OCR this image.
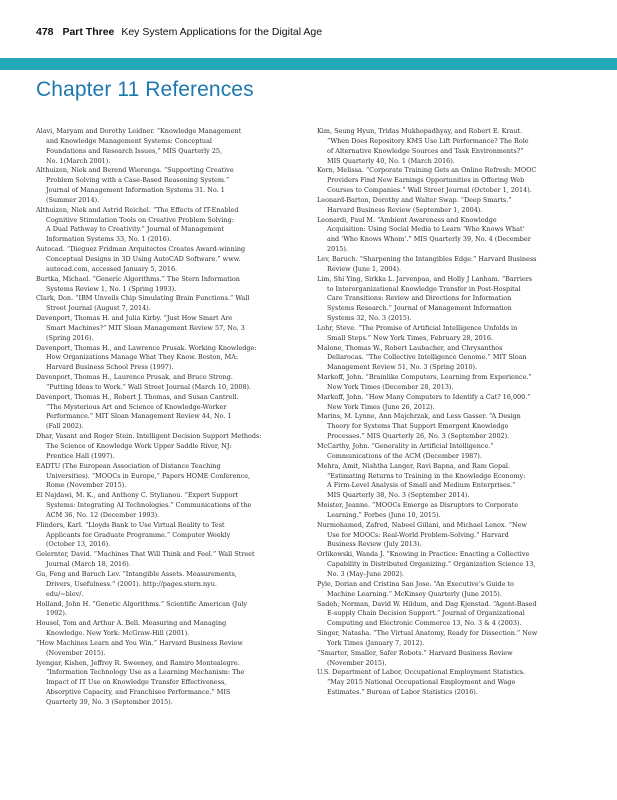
478 Part Three Key System Applications for the Digital Age
Chapter 11 References
Alavi, Maryam and Dorothy Leidner. “Knowledge Management
and Knowledge Management Systems: Conceptual
Foundations and Research Issues,” MIS Quarterly 25,
No. 1(March 2001).
Althuizen, Niek and Berend Wierenga. “Supporting Creative
Problem Solving with a Case-Based Reasoning System.”
Journal of Management Information Systems 31. No. 1
(Summer 2014).
Althuizen, Niek and Astrid Reichel. “The Effects of IT-Enabled
Cognitive Stimulation Tools on Creative Problem Solving:
A Dual Pathway to Creativity.” Journal of Management
Information Systems 33, No. 1 (2016).
Autocad. “Dieguez Fridman Arquitectos Creates Award-winning
Conceptual Designs in 3D Using AutoCAD Software.” www.
autocad.com, accessed January 5, 2016.
Burtka, Michael. “Generic Algorithms.” The Stern Information
Systems Review 1, No. 1 (Spring 1993).
Clark, Don. “IBM Unveils Chip Simulating Brain Functions.” Wall
Street Journal (August 7, 2014).
Davenport, Thomas H. and Julia Kirby. “Just How Smart Are
Smart Machines?” MIT Sloan Management Review 57, No. 3
(Spring 2016).
Davenport, Thomas H., and Lawrence Prusak. Working Knowledge:
How Organizations Manage What They Know. Boston, MA:
Harvard Business School Press (1997).
Davenport, Thomas H., Laurence Prusak, and Bruce Strong.
“Putting Ideas to Work.” Wall Street Journal (March 10, 2008).
Davenport, Thomas H., Robert J. Thomas, and Susan Cantrell.
“The Mysterious Art and Science of Knowledge-Worker
Performance.” MIT Sloan Management Review 44, No. 1
(Fall 2002).
Dhar, Vasant and Roger Stein. Intelligent Decision Support Methods:
The Science of Knowledge Work Upper Saddle River, NJ:
Prentice Hall (1997).
EADTU (The European Association of Distance Teaching
Universities). “MOOCs in Europe,” Papers HOME Conference,
Rome (November 2015).
El Najdawi, M. K., and Anthony C. Stylianou. “Expert Support
Systems: Integrating AI Technologies.” Communications of the
ACM 36, No. 12 (December 1993).
Flinders, Karl. “Lloyds Bank to Use Virtual Reality to Test
Applicants for Graduate Programme.” Computer Weekly
(October 13, 2016).
Gelernter, David. “Machines That Will Think and Feel.” Wall Street
Journal (March 18, 2016).
Gu, Feng and Baruch Lev. “Intangible Assets. Measurements,
Drivers, Usefulness.” (2001). http://pages.stern.nyu.
edu/~blev/.
Holland, John H. “Genetic Algorithms.” Scientific American (July
1992).
Housel, Tom and Arthur A. Bell. Measuring and Managing
Knowledge. New York: McGraw-Hill (2001).
“How Machines Learn and You Win.” Harvard Business Review
(November 2015).
Iyengar, Kishen, Jeffrey R. Sweeney, and Ramiro Montealegre.
“Information Technology Use as a Learning Mechanism: The
Impact of IT Use on Knowledge Transfer Effectiveness,
Absorptive Capacity, and Franchisee Performance.” MIS
Quarterly 39, No. 3 (September 2015).
Kim, Seung Hyun, Tridas Mukhopadhyay, and Robert E. Kraut.
“When Does Repository KMS Use Lift Performance? The Role
of Alternative Knowledge Sources and Task Environments?”
MIS Quarterly 40, No. 1 (March 2016).
Korn, Melissa. “Corporate Training Gets an Online Refresh: MOOC
Providers Find New Earnings Opportunities in Offering Web
Courses to Companies.” Wall Street Journal (October 1, 2014).
Leonard-Barton, Dorothy and Walter Swap. “Deep Smarts.”
Harvard Business Review (September 1, 2004).
Leonardi, Paul M. “Ambient Awareness and Knowledge
Acquisition: Using Social Media to Learn ‘Who Knows What’
and ‘Who Knows Whom’.” MIS Quarterly 39, No. 4 (December
2015).
Lev, Baruch. “Sharpening the Intangibles Edge.” Harvard Business
Review (June 1, 2004).
Lim, Shi Ying, Sirkka L. Jarvenpaa, and Holly J Lanham. “Barriers
to Interorganizational Knowledge Transfer in Post-Hospital
Care Transitions: Review and Directions for Information
Systems Research.” Journal of Management Information
Systems 32, No. 3 (2015).
Lohr, Steve. “The Promise of Artificial Intelligence Unfolds in
Small Steps.” New York Times, February 28, 2016.
Malone, Thomas W., Robert Laubacher, and Chrysanthos
Dellarocas. “The Collective Intelligence Genome.” MIT Sloan
Management Review 51, No. 3 (Spring 2010).
Markoff, John. “Brainlike Computers, Learning from Experience.”
New York Times (December 28, 2013).
Markoff, John. “How Many Computers to Identify a Cat? 16,000.”
New York Times (June 26, 2012).
Marins, M. Lynne, Ann Majchrzak, and Less Gasser. “A Design
Theory for Systems That Support Emergent Knowledge
Processes.” MIS Quarterly 26, No. 3 (September 2002).
McCarthy, John. “Generality in Artificial Intelligence.”
Communications of the ACM (December 1987).
Mehra, Amit, Nishtha Langer, Ravi Bapna, and Ram Gopal.
“Estimating Returns to Training in the Knowledge Economy:
A Firm-Level Analysis of Small and Medium Enterprises.”
MIS Quarterly 38, No. 3 (September 2014).
Meister, Jeanne. “MOOCs Emerge as Disruptors to Corporate
Learning.” Forbes (June 10, 2015).
Nurmohamed, Zafred, Nabeel Gillani, and Michael Lenox. “New
Use for MOOCs: Real-World Problem-Solving.” Harvard
Business Review (July 2013).
Orlikowski, Wanda J. “Knowing in Practice: Enacting a Collective
Capability in Distributed Organizing.” Organization Science 13,
No. 3 (May–June 2002).
Pyle, Dorian and Cristina San Jose. “An Executive’s Guide to
Machine Learning.” McKinsey Quarterly (June 2015).
Sadeh, Norman, David W. Hildum, and Dag Kjenstad. “Agent-Based
E-supply Chain Decision Support.” Journal of Organizational
Computing and Electronic Commerce 13, No. 3 & 4 (2003).
Singer, Natasha. “The Virtual Anatomy, Ready for Dissection.” New
York Times (January 7, 2012).
“Smarter, Smaller, Safer Robots.” Harvard Business Review
(November 2015).
U.S. Department of Labor, Occupational Employment Statistics.
“May 2015 National Occupational Employment and Wage
Estimates.” Bureau of Labor Statistics (2016).
